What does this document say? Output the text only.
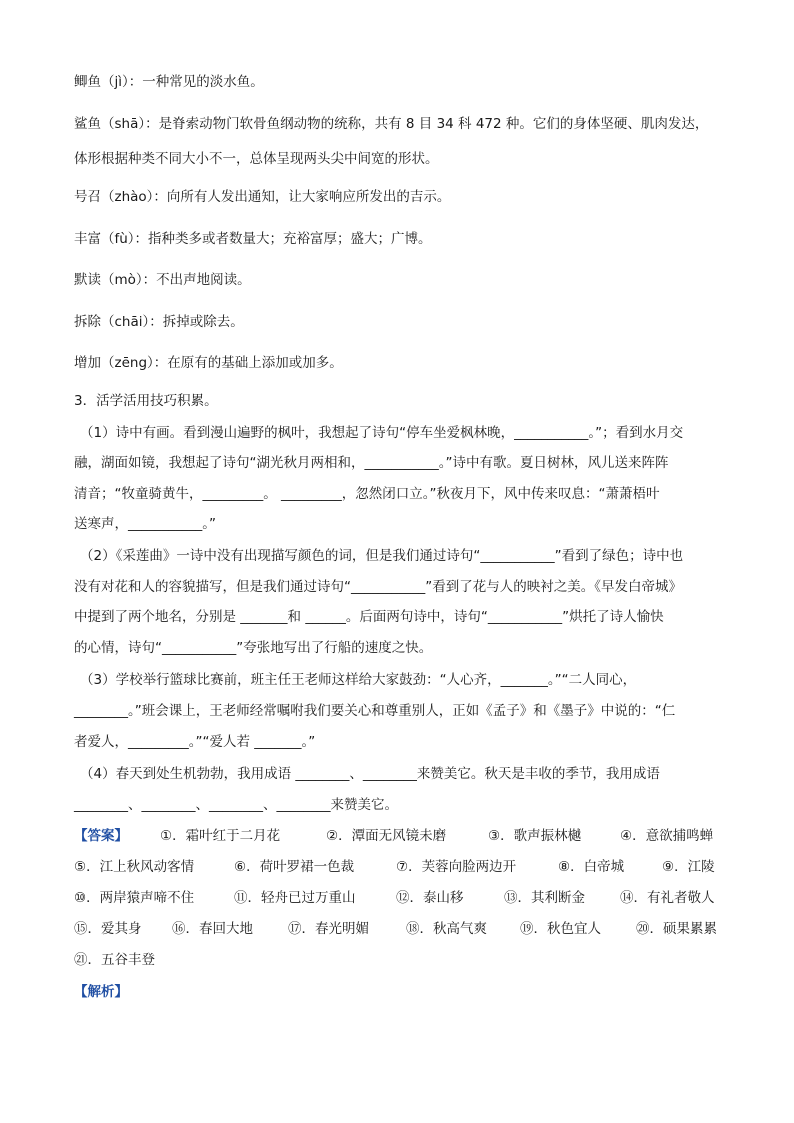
鲫鱼（jì）：一种常见的淡水鱼。
鲨鱼（shā）：是脊索动物门软骨鱼纲动物的统称，共有 8 目 34 科 472 种。它们的身体坚硬、肌肉发达，
体形根据种类不同大小不一，总体呈现两头尖中间宽的形状。
号召（zhào）：向所有人发出通知，让大家响应所发出的吉示。
丰富（fù）：指种类多或者数量大；充裕富厚；盛大；广博。
默读（mò）：不出声地阅读。
拆除（chāi）：拆掉或除去。
增加（zēng）：在原有的基础上添加或加多。
3．活学活用技巧积累。
（1）诗中有画。看到漫山遍野的枫叶，我想起了诗句“停车坐爱枫林晚，___________。”；看到水月交
融，湖面如镜，我想起了诗句“湖光秋月两相和，___________。”诗中有歌。夏日树林，风儿送来阵阵
清音；“牧童骑黄牛，_________。 _________，忽然闭口立。”秋夜月下，风中传来叹息：“萧萧梧叶
送寒声，___________。”
（2）《采莲曲》一诗中没有出现描写颜色的词，但是我们通过诗句“___________”看到了绿色；诗中也
没有对花和人的容貌描写，但是我们通过诗句“___________”看到了花与人的映衬之美。《早发白帝城》
中提到了两个地名，分别是 _______和 ______。后面两句诗中，诗句“___________”烘托了诗人愉快
的心情，诗句“___________”夸张地写出了行船的速度之快。
（3）学校举行篮球比赛前，班主任王老师这样给大家鼓劲：“人心齐，_______。”“二人同心，
________。”班会课上，王老师经常嘱咐我们要关心和尊重别人，正如《孟子》和《墨子》中说的：“仁
者爱人，_________。”“爱人若 _______。”
（4）春天到处生机勃勃，我用成语 ________、________来赞美它。秋天是丰收的季节，我用成语
________、________、________、________来赞美它。
【答案】 ①．霜叶红于二月花	②．潭面无风镜未磨	③．歌声振林樾	④．意欲捕鸣蝉
⑤．江上秋风动客情	⑥．荷叶罗裙一色裁	⑦．芙蓉向脸两边开	⑧．白帝城	⑨．江陵
⑩．两岸猿声啼不住	⑪．轻舟已过万重山	⑫．泰山移	⑬．其利断金	⑭．有礼者敬人
⑮．爱其身 ⑯．春回大地	⑰．春光明媚	⑱．秋高气爽 ⑲．秋色宜人	⑳．硕果累累
㉑．五谷丰登
【解析】
